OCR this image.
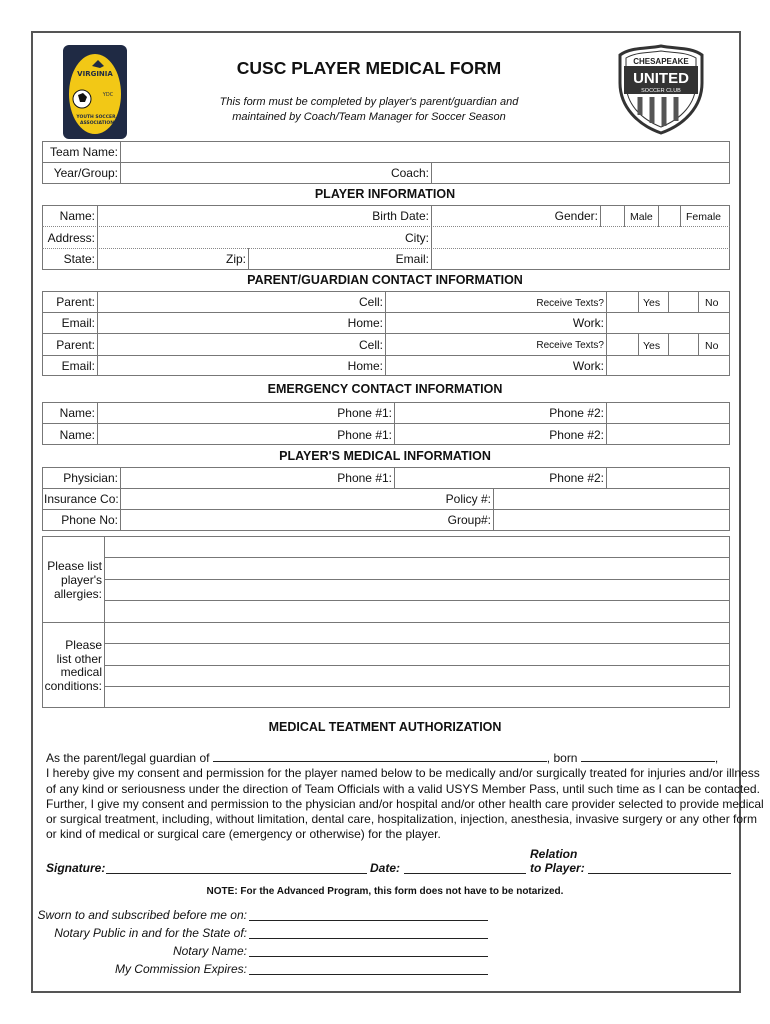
VIRGINIA
YDC
YOUTH SOCCER
ASSOCIATION
CHESAPEAKE
UNITED
SOCCER CLUB
CUSC PLAYER MEDICAL FORM
This form must be completed by player's parent/guardian and
maintained by Coach/Team Manager for Soccer Season
Team Name:
Year/Group:	Coach:
PLAYER INFORMATION
Name:	Birth Date:	Gender:	Male	Female
Address:	City:
State:	Zip:	Email:
PARENT/GUARDIAN CONTACT INFORMATION
Parent:	Cell:	Receive Texts?	Yes	No
Email:	Home:	Work:
Parent:	Cell:	Receive Texts?	Yes	No
Email:	Home:	Work:
EMERGENCY CONTACT INFORMATION
Name:	Phone #1:	Phone #2:
Name:	Phone #1:	Phone #2:
PLAYER'S MEDICAL INFORMATION
Physician:	Phone #1:	Phone #2:
Insurance Co:	Policy #:
Phone No:	Group#:
Please list
player's
allergies:
Please
list other
medical
conditions:
MEDICAL TEATMENT AUTHORIZATION
As the parent/legal guardian of	, born	,
I hereby give my consent and permission for the player named below to be medically and/or surgically treated for injuries and/or illness
of any kind or seriousness under the direction of Team Officials with a valid USYS Member Pass, until such time as I can be contacted.
Further, I give my consent and permission to the physician and/or hospital and/or other health care provider selected to provide medical
or surgical treatment, including, without limitation, dental care, hospitalization, injection, anesthesia, invasive surgery or any other form
or kind of medical or surgical care (emergency or otherwise) for the player.
Signature:	Date:
Relation
to Player:
NOTE: For the Advanced Program, this form does not have to be notarized.
Sworn to and subscribed before me on:
Notary Public in and for the State of:
Notary Name:
My Commission Expires:
